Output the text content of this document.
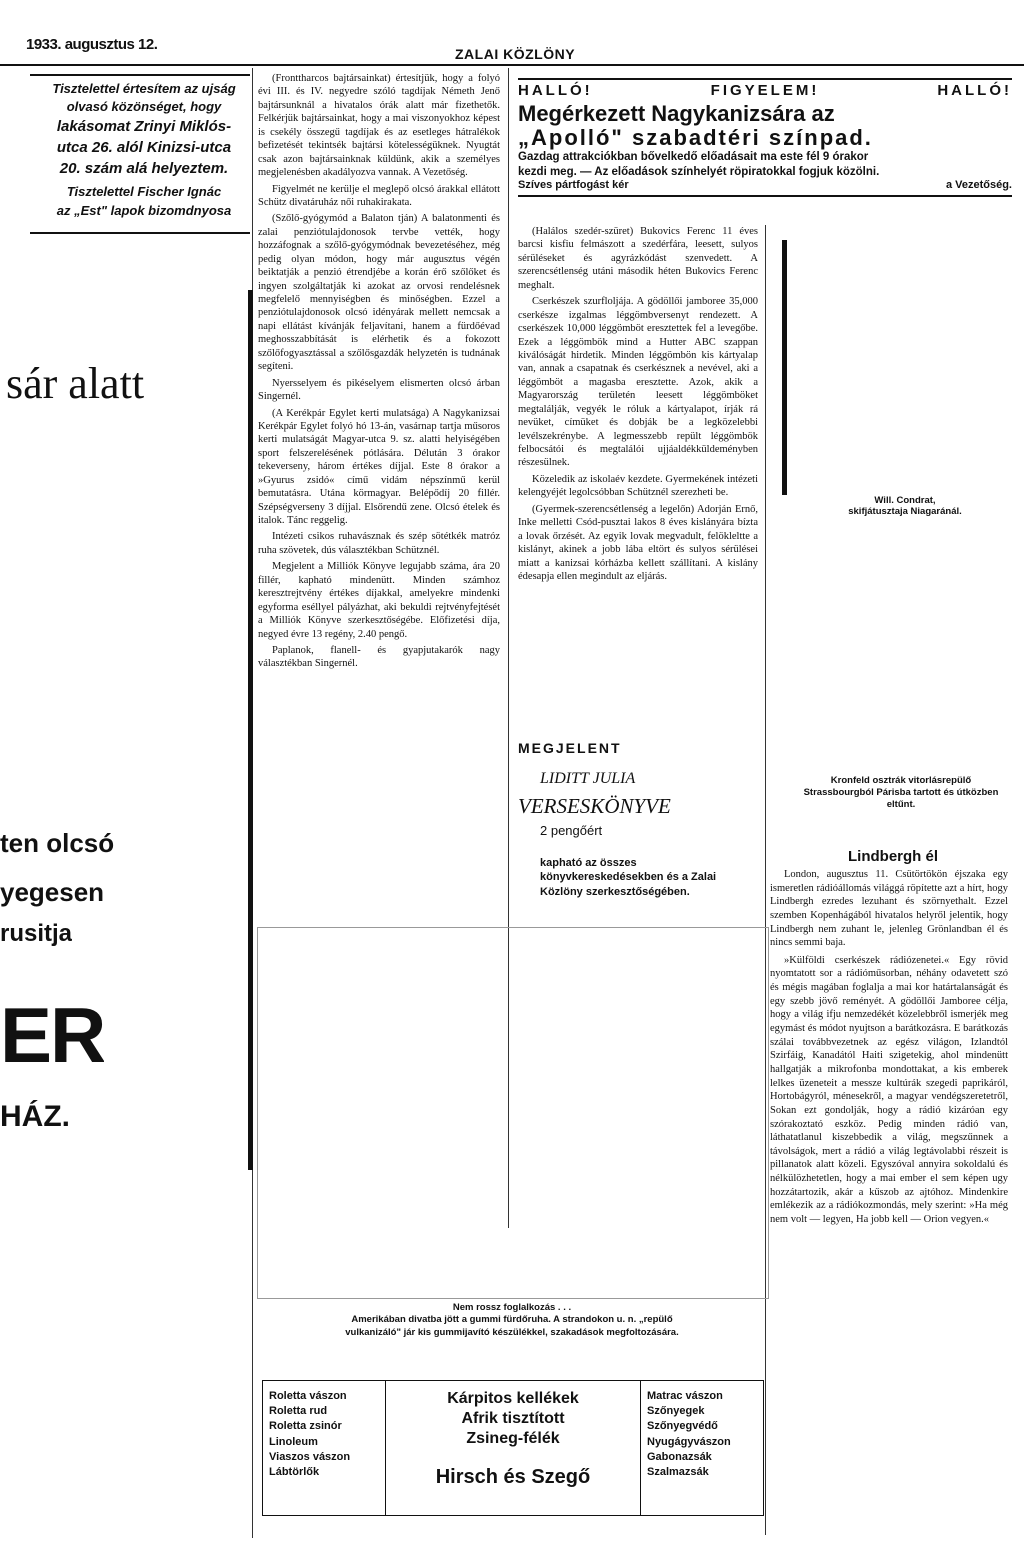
1933. augusztus 12.
ZALAI KÖZLÖNY
Tisztelettel értesítem az ujság
olvasó közönséget, hogy
lakásomat Zrinyi Miklós-
utca 26. alól Kinizsi-utca
20. szám alá helyeztem.
Tisztelettel Fischer Ignác
az „Est" lapok bizomdnyosa
sár alatt
ten olcsó
yegesen
rusitja
ER
HÁZ.

(Fronttharcos bajtársainkat) értesítjük, hogy a folyó évi III. és IV. negyedre szóló tagdíjak Németh Jenő bajtársunknál a hivatalos órák alatt már fizethetők. Felkérjük bajtársainkat, hogy a mai viszonyokhoz képest is csekély összegű tagdíjak és az esetleges hátralékok befizetését tekintsék bajtársi kötelességüknek. Nyugtát csak azon bajtársainknak küldünk, akik a személyes megjelenésben akadályozva vannak. A Vezetőség.

Figyelmét ne kerülje el meglepő olcsó árakkal ellátott Schütz divatáruház női ruhakirakata.

(Szőlő-gyógymód a Balaton tján) A balatonmenti és zalai penziótulajdonosok tervbe vették, hogy hozzáfognak a szőlő-gyógymódnak bevezetéséhez, még pedig olyan módon, hogy már augusztus végén beiktatják a penzió étrendjébe a korán érő szőlőket és ingyen szolgáltatják ki azokat az orvosi rendelésnek megfelelő mennyiségben és minőségben. Ezzel a penziótulajdonosok olcsó idényárak mellett nemcsak a napi ellátást kívánják feljavítani, hanem a fürdőévad meghosszabbítását is elérhetik és a fokozott szőlőfogyasztással a szőlősgazdák helyzetén is tudnának segíteni.

Nyersselyem és pikéselyem elismerten olcsó árban Singernél.

(A Kerékpár Egylet kerti mulatsága) A Nagykanizsai Kerékpár Egylet folyó hó 13-án, vasárnap tartja műsoros kerti mulatságát Magyar-utca 9. sz. alatti helyiségében sport felszerelésének pótlására. Délután 3 órakor tekeverseny, három értékes díjjal. Este 8 órakor a »Gyurus zsidó« című vidám népszínmű kerül bemutatásra. Utána körmagyar. Belépődíj 20 fillér. Szépségverseny 3 díjjal. Elsőrendű zene. Olcsó ételek és italok. Tánc reggelig.

Intézeti csikos ruhavásznak és szép sötétkék matróz ruha szövetek, dús választékban Schütznél.

Megjelent a Milliók Könyve legujabb száma, ára 20 fillér, kapható mindenütt. Minden számhoz keresztrejtvény értékes díjakkal, amelyekre mindenki egyforma eséllyel pályázhat, aki bekuldi rejtvényfejtését a Milliók Könyve szerkesztőségébe. Előfizetési díja, negyed évre 13 regény, 2.40 pengő.

Paplanok, flanell- és gyapjutakarók nagy választékban Singernél.

HALLÓ!	FIGYELEM!	HALLÓ!
Megérkezett Nagykanizsára az
„Apolló" szabadtéri színpad.
Gazdag attrakciókban bővelkedő előadásait ma este fél 9 órakor
kezdi meg. — Az előadások színhelyét röpiratokkal fogjuk közölni.
Szíves pártfogást kér	a Vezetőség.

(Halálos szedér-szüret) Bukovics Ferenc 11 éves barcsi kisfiu felmászott a szedérfára, leesett, sulyos sérüléseket és agyrázkódást szenvedett. A szerencsétlenség utáni második héten Bukovics Ferenc meghalt.

Cserkészek szurfloljája. A gödöllői jamboree 35,000 cserkésze izgalmas léggömbversenyt rendezett. A cserkészek 10,000 léggömböt eresztettek fel a levegőbe. Ezek a léggömbök mind a Hutter ABC szappan kiválóságát hirdetik. Minden léggömbön kis kártyalap van, annak a csapatnak és cserkésznek a nevével, aki a léggömböt a magasba eresztette. Azok, akik a Magyarország területén leesett léggömböket megtalálják, vegyék le róluk a kártyalapot, írják rá nevüket, címüket és dobják be a legközelebbi levélszekrénybe. A legmesszebb repült léggömbök felbocsátói és megtalálói ujjáaldékküldeményben részesülnek.

Közeledik az iskolaév kezdete. Gyermekének intézeti kelengyéjét legolcsóbban Schütznél szerezheti be.

(Gyermek-szerencsétlenség a legelőn) Adorján Ernő, Inke melletti Csód-pusztai lakos 8 éves kislányára bízta a lovak őrzését. Az egyik lovak megvadult, felökleltte a kislányt, akinek a jobb lába eltört és sulyos sérülései miatt a kanizsai kórházba kellett szállítani. A kislány édesapja ellen megindult az eljárás.

Will. Condrat,
skifjátusztaja Niagaránál.
Kronfeld osztrák vitorlásrepülő
Strassbourgból Párisba tartott és útközben
eltűnt.
MEGJELENT
LIDITT JULIA
VERSESKÖNYVE
2 pengőért
kapható az összes könyvkereskedésekben és a Zalai Közlöny szerkesztőségében.
Lindbergh él

London, augusztus 11. Csütörtökön éjszaka egy ismeretlen rádióállomás világgá röpítette azt a hírt, hogy Lindbergh ezredes lezuhant és szörnyethalt. Ezzel szemben Kopenhágából hivatalos helyről jelentik, hogy Lindbergh nem zuhant le, jelenleg Grönlandban él és nincs semmi baja.

»Külföldi cserkészek rádiózenetei.« Egy rövid nyomtatott sor a rádióműsorban, néhány odavetett szó és mégis magában foglalja a mai kor határtalanságát és egy szebb jövő reményét. A gödöllői Jamboree célja, hogy a világ ifju nemzedékét közelebbről ismerjék meg egymást és módot nyujtson a barátkozásra. E barátkozás szálai továbbvezetnek az egész világon, Izlandtól Szirfáig, Kanadától Haiti szigetekig, ahol mindenütt hallgatják a mikrofonba mondottakat, a kis emberek lelkes üzeneteit a messze kultúrák szegedi paprikáról, Hortobágyról, ménesekről, a magyar vendégszeretetről, Sokan ezt gondolják, hogy a rádió kizáróan egy szórakoztató eszköz. Pedig minden rádió van, láthatatlanul kiszebbedik a világ, megszűnnek a távolságok, mert a rádió a világ legtávolabbi részeit is pillanatok alatt közeli. Egyszóval annyira sokoldalú és nélkülözhetetlen, hogy a mai ember el sem képen ugy hozzátartozik, akár a kűszob az ajtóhoz. Mindenkire emlékezik az a rádiókozmondás, mely szerint: »Ha még nem volt — legyen, Ha jobb kell — Orion vegyen.«

Nem rossz foglalkozás . . .
Amerikában divatba jött a gummi fürdőruha. A strandokon u. n. „repülő
vulkanizáló" jár kis gummijavító készülékkel, szakadások megfoltozására.
Roletta vászon
Roletta rud
Roletta zsinór
Linoleum
Viaszos vászon
Lábtörlők
Kárpitos kellékek
Afrik tisztított
Zsineg-félék
Hirsch és Szegő
Matrac vászon
Szőnyegek
Szőnyegvédő
Nyugágyvászon
Gabonazsák
Szalmazsák
